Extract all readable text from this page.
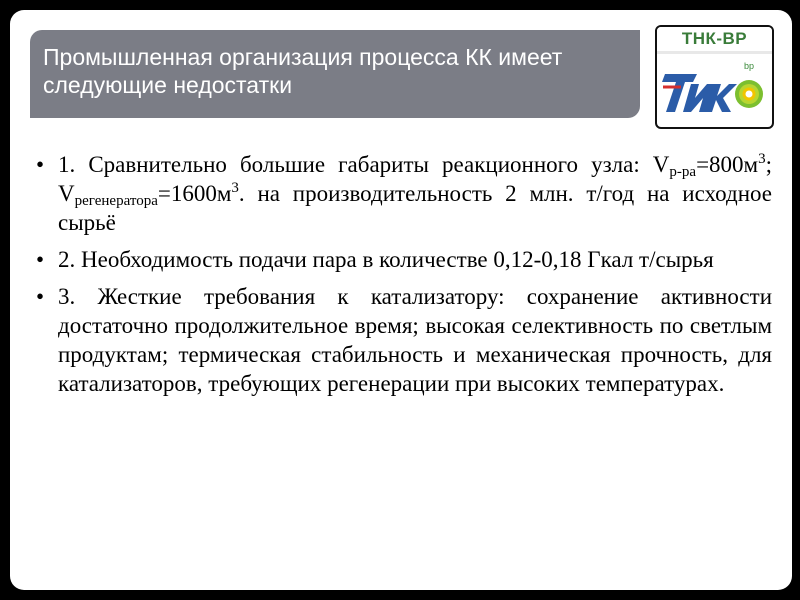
Промышленная организация процесса КК имеет
следующие недостатки
ТНК-BP
bp
• 1. Сравнительно большие габариты реакционного узла: $V_{р-ра}=800м^3$; $V_{регенератора}=1600м^3$. на производительность 2 млн. т/год на исходное сырьё
• 2. Необходимость подачи пара в количестве 0,12-0,18 Гкал т/сырья
• 3. Жесткие требования к катализатору: сохранение активности достаточно продолжительное время; высокая селективность по светлым продуктам; термическая стабильность и механическая прочность, для катализаторов, требующих регенерации при высоких температурах.
